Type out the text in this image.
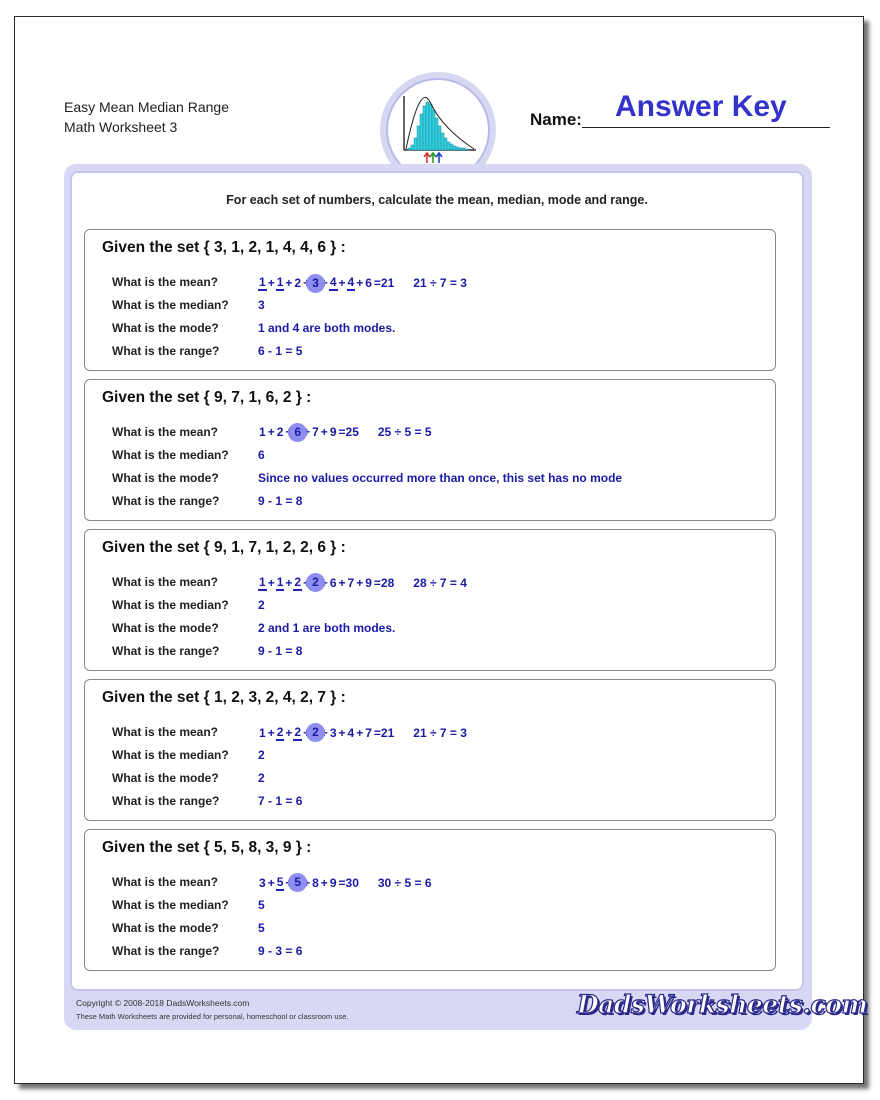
Easy Mean Median Range
Math Worksheet 3	Name: Answer Key
For each set of numbers, calculate the mean, median, mode and range.
Given the set { 3, 1, 2, 1, 4, 4, 6 } :
What is the mean?	1 + 1 + 2 + 3 + 4 + 4 + 6 = 21 21 ÷ 7 = 3
What is the median? 3
What is the mode?	1 and 4 are both modes.
What is the range?	6 - 1 = 5
Given the set { 9, 7, 1, 6, 2 } :
What is the mean?	1 + 2 + 6 + 7 + 9 = 25 25 ÷ 5 = 5
What is the median? 6
What is the mode?	Since no values occurred more than once, this set has no mode
What is the range?	9 - 1 = 8
Given the set { 9, 1, 7, 1, 2, 2, 6 } :
What is the mean?	1 + 1 + 2 + 2 + 6 + 7 + 9 = 28 28 ÷ 7 = 4
What is the median? 2
What is the mode?	2 and 1 are both modes.
What is the range?	9 - 1 = 8
Given the set { 1, 2, 3, 2, 4, 2, 7 } :
What is the mean?	1 + 2 + 2 + 2 + 3 + 4 + 7 = 21 21 ÷ 7 = 3
What is the median? 2
What is the mode?	2
What is the range?	7 - 1 = 6
Given the set { 5, 5, 8, 3, 9 } :
What is the mean?	3 + 5 + 5 + 8 + 9 = 30 30 ÷ 5 = 6
What is the median? 5
What is the mode?	5
What is the range?	9 - 3 = 6
Copyright © 2008-2018 DadsWorksheets.com
These Math Worksheets are provided for personal, homeschool or classroom use.	DadsWorksheets.com
